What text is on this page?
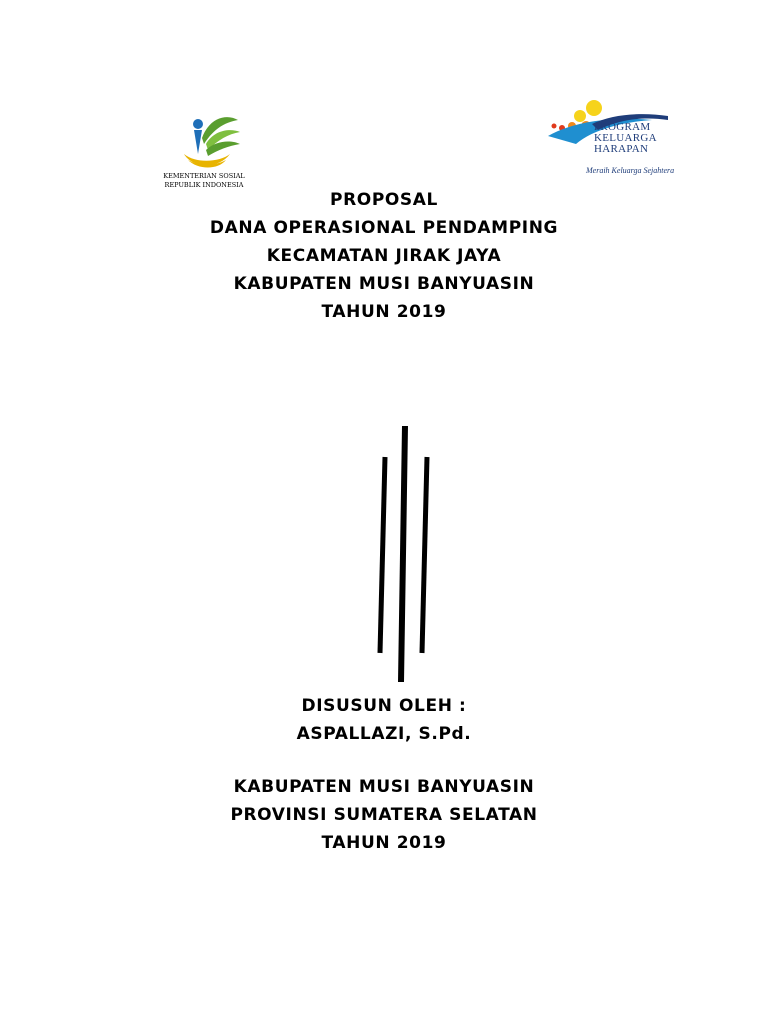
KEMENTERIAN SOSIAL
REPUBLIK INDONESIA
PROGRAM
KELUARGA
HARAPAN
Meraih Keluarga Sejahtera
PROPOSAL
DANA OPERASIONAL PENDAMPING
KECAMATAN JIRAK JAYA
KABUPATEN MUSI BANYUASIN
TAHUN 2019
DISUSUN OLEH :
ASPALLAZI, S.Pd.
KABUPATEN MUSI BANYUASIN
PROVINSI SUMATERA SELATAN
TAHUN 2019
